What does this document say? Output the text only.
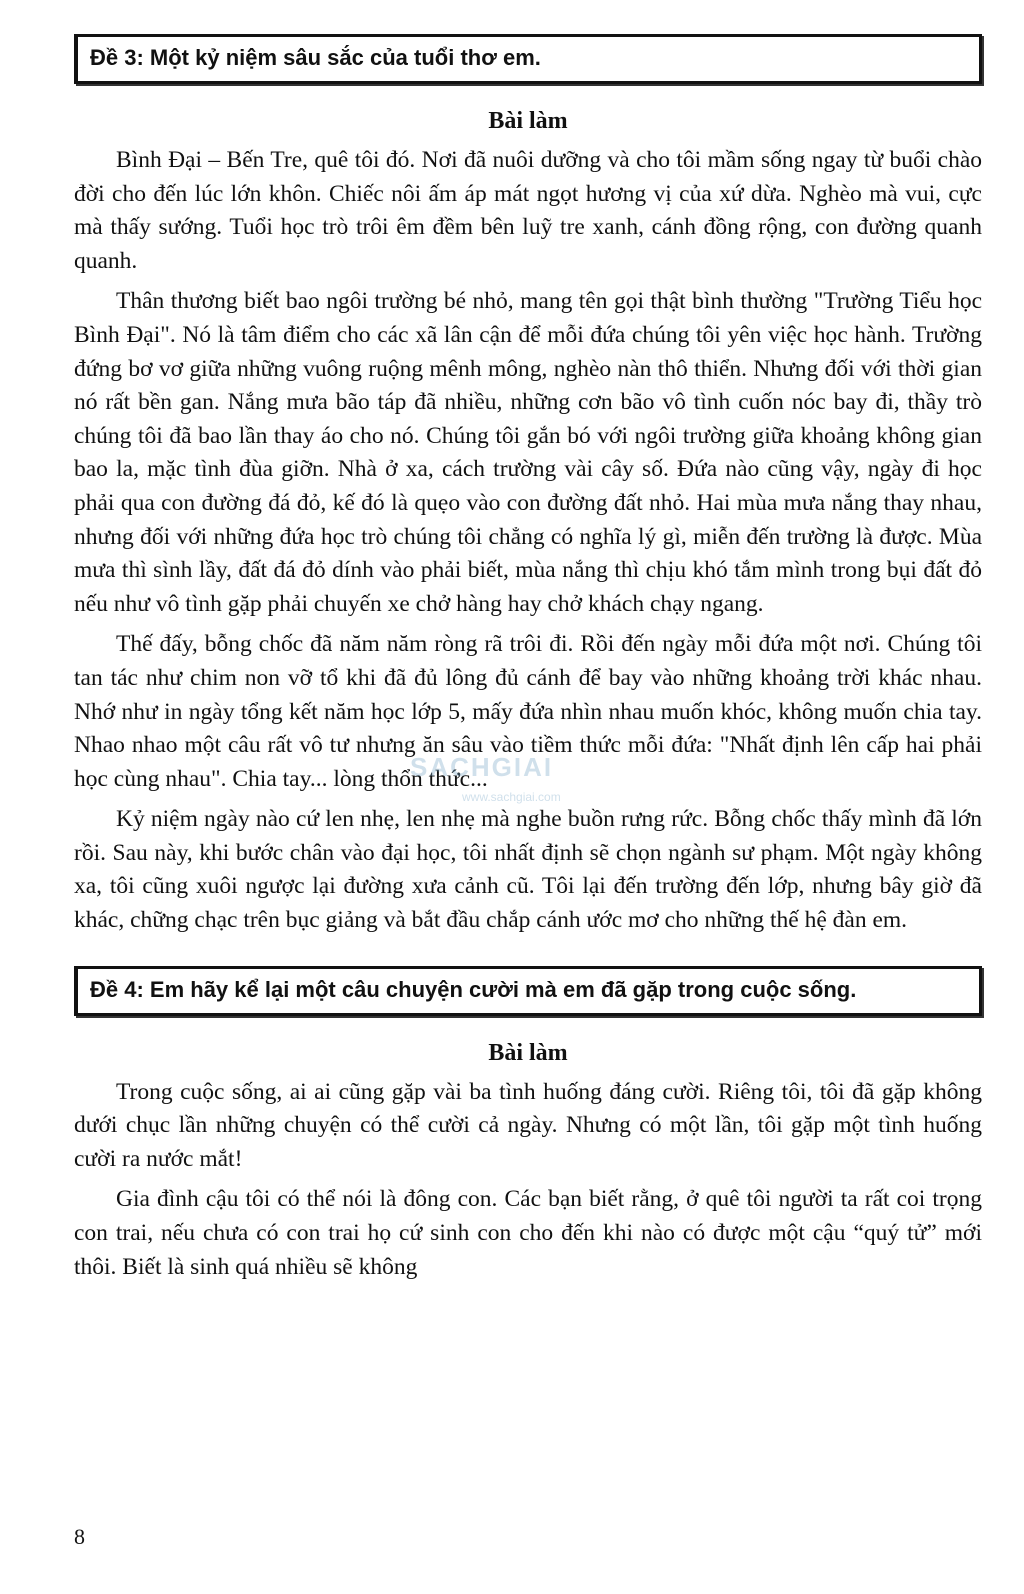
Đề 3: Một kỷ niệm sâu sắc của tuổi thơ em.
Bài làm

Bình Đại – Bến Tre, quê tôi đó. Nơi đã nuôi dưỡng và cho tôi mầm sống ngay từ buổi chào đời cho đến lúc lớn khôn. Chiếc nôi ấm áp mát ngọt hương vị của xứ dừa. Nghèo mà vui, cực mà thấy sướng. Tuổi học trò trôi êm đềm bên luỹ tre xanh, cánh đồng rộng, con đường quanh quanh.

Thân thương biết bao ngôi trường bé nhỏ, mang tên gọi thật bình thường "Trường Tiểu học Bình Đại". Nó là tâm điểm cho các xã lân cận để mỗi đứa chúng tôi yên việc học hành. Trường đứng bơ vơ giữa những vuông ruộng mênh mông, nghèo nàn thô thiển. Nhưng đối với thời gian nó rất bền gan. Nắng mưa bão táp đã nhiều, những cơn bão vô tình cuốn nóc bay đi, thầy trò chúng tôi đã bao lần thay áo cho nó. Chúng tôi gắn bó với ngôi trường giữa khoảng không gian bao la, mặc tình đùa giỡn. Nhà ở xa, cách trường vài cây số. Đứa nào cũng vậy, ngày đi học phải qua con đường đá đỏ, kế đó là quẹo vào con đường đất nhỏ. Hai mùa mưa nắng thay nhau, nhưng đối với những đứa học trò chúng tôi chẳng có nghĩa lý gì, miễn đến trường là được. Mùa mưa thì sình lầy, đất đá đỏ dính vào phải biết, mùa nắng thì chịu khó tắm mình trong bụi đất đỏ nếu như vô tình gặp phải chuyến xe chở hàng hay chở khách chạy ngang.

Thế đấy, bỗng chốc đã năm năm ròng rã trôi đi. Rồi đến ngày mỗi đứa một nơi. Chúng tôi tan tác như chim non vỡ tổ khi đã đủ lông đủ cánh để bay vào những khoảng trời khác nhau. Nhớ như in ngày tổng kết năm học lớp 5, mấy đứa nhìn nhau muốn khóc, không muốn chia tay. Nhao nhao một câu rất vô tư nhưng ăn sâu vào tiềm thức mỗi đứa: "Nhất định lên cấp hai phải học cùng nhau". Chia tay... lòng thổn thức...

Kỷ niệm ngày nào cứ len nhẹ, len nhẹ mà nghe buồn rưng rức. Bỗng chốc thấy mình đã lớn rồi. Sau này, khi bước chân vào đại học, tôi nhất định sẽ chọn ngành sư phạm. Một ngày không xa, tôi cũng xuôi ngược lại đường xưa cảnh cũ. Tôi lại đến trường đến lớp, nhưng bây giờ đã khác, chững chạc trên bục giảng và bắt đầu chắp cánh ước mơ cho những thế hệ đàn em.

Đề 4: Em hãy kể lại một câu chuyện cười mà em đã gặp trong cuộc sống.
Bài làm

Trong cuộc sống, ai ai cũng gặp vài ba tình huống đáng cười. Riêng tôi, tôi đã gặp không dưới chục lần những chuyện có thể cười cả ngày. Nhưng có một lần, tôi gặp một tình huống cười ra nước mắt!

Gia đình cậu tôi có thể nói là đông con. Các bạn biết rằng, ở quê tôi người ta rất coi trọng con trai, nếu chưa có con trai họ cứ sinh con cho đến khi nào có được một cậu “quý tử” mới thôi. Biết là sinh quá nhiều sẽ không

SACHGIAI
www.sachgiai.com
8
